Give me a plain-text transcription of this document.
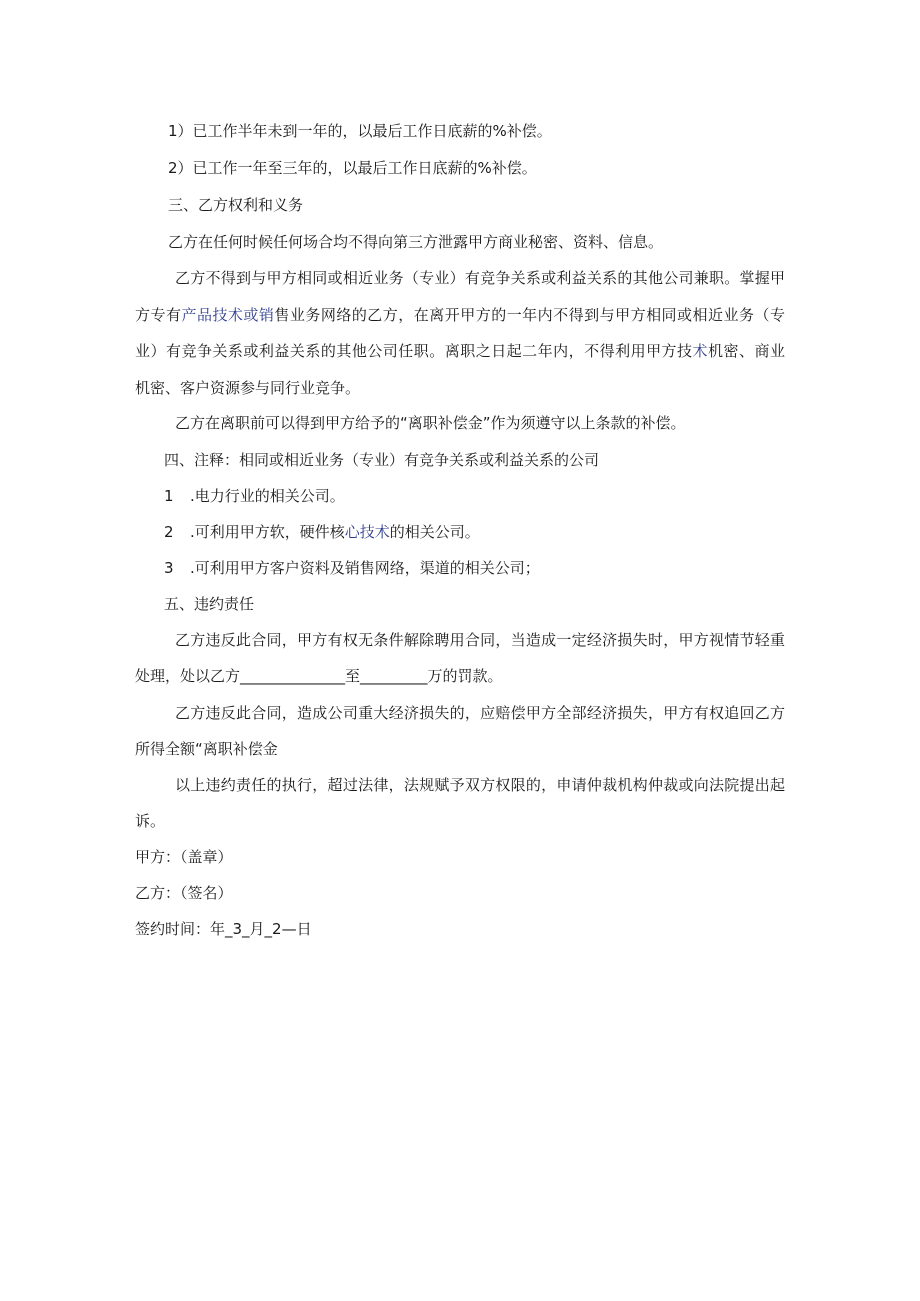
1）已工作半年未到一年的，以最后工作日底薪的%补偿。
2）已工作一年至三年的，以最后工作日底薪的%补偿。
三、乙方权利和义务
乙方在任何时候任何场合均不得向第三方泄露甲方商业秘密、资料、信息。
乙方不得到与甲方相同或相近业务（专业）有竞争关系或利益关系的其他公司兼职。掌握甲
方专有产品技术或销售业务网络的乙方，在离开甲方的一年内不得到与甲方相同或相近业务（专
业）有竞争关系或利益关系的其他公司任职。离职之日起二年内，不得利用甲方技术机密、商业
机密、客户资源参与同行业竞争。
乙方在离职前可以得到甲方给予的“离职补偿金”作为须遵守以上条款的补偿。
四、注释：相同或相近业务（专业）有竞争关系或利益关系的公司
1 .电力行业的相关公司。
2 .可利用甲方软，硬件核心技术的相关公司。
3 .可利用甲方客户资料及销售网络，渠道的相关公司；
五、违约责任
乙方违反此合同，甲方有权无条件解除聘用合同，当造成一定经济损失时，甲方视情节轻重
处理，处以乙方______________至_________万的罚款。
乙方违反此合同，造成公司重大经济损失的，应赔偿甲方全部经济损失，甲方有权追回乙方
所得全额“离职补偿金
以上违约责任的执行，超过法律，法规赋予双方权限的，申请仲裁机构仲裁或向法院提出起
诉。
甲方：（盖章）
乙方：（签名）
签约时间：年_3_月_2—日
